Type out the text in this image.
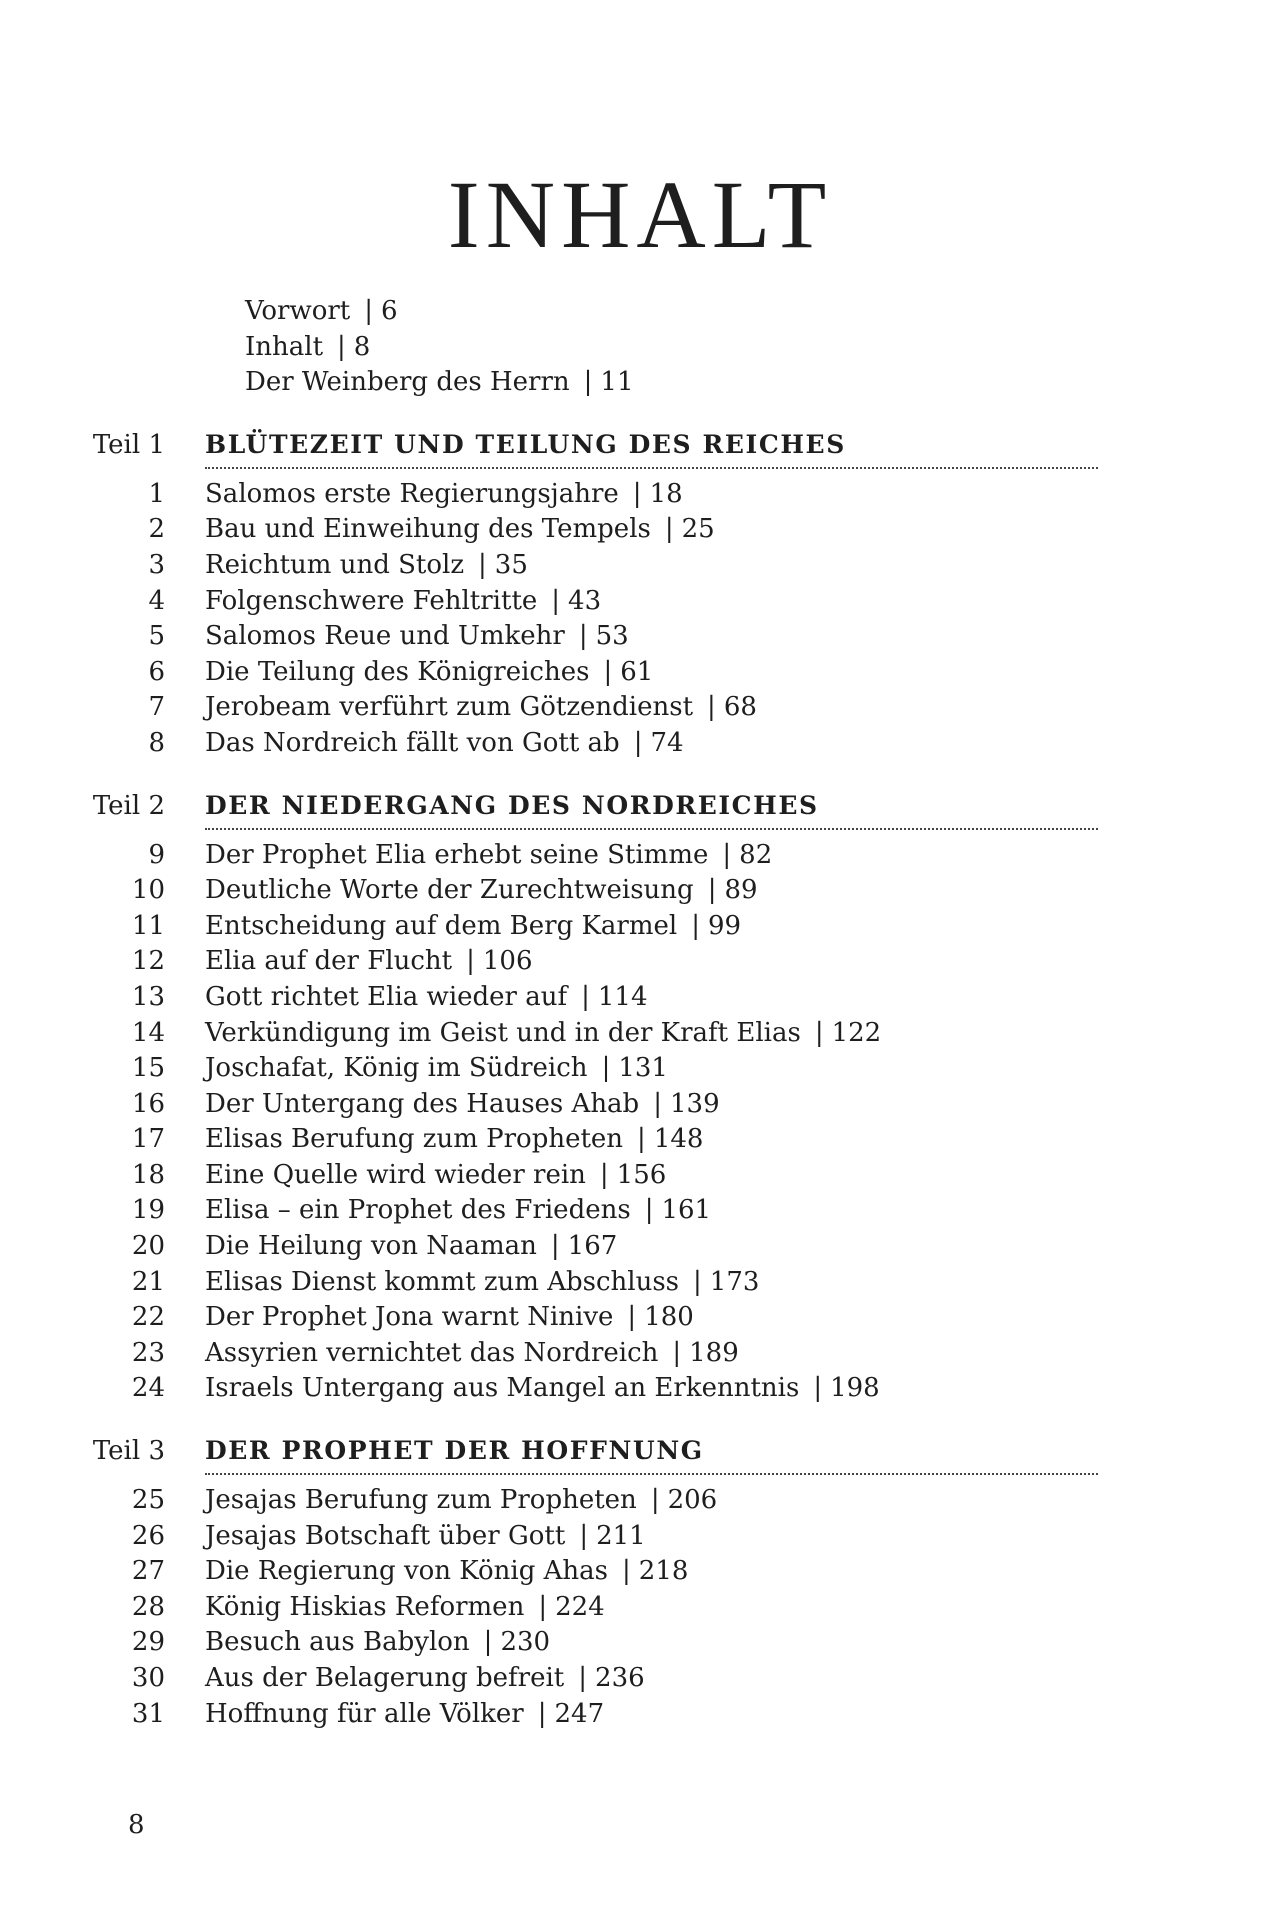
INHALT
Vorwort | 6
Inhalt | 8
Der Weinberg des Herrn | 11
Teil 1	BLÜTEZEIT UND TEILUNG DES REICHES
1	Salomos erste Regierungsjahre | 18
2	Bau und Einweihung des Tempels | 25
3	Reichtum und Stolz | 35
4	Folgenschwere Fehltritte | 43
5	Salomos Reue und Umkehr | 53
6	Die Teilung des Königreiches | 61
7	Jerobeam verführt zum Götzendienst | 68
8	Das Nordreich fällt von Gott ab | 74
Teil 2	DER NIEDERGANG DES NORDREICHES
9	Der Prophet Elia erhebt seine Stimme | 82
10	Deutliche Worte der Zurechtweisung | 89
11	Entscheidung auf dem Berg Karmel | 99
12	Elia auf der Flucht | 106
13	Gott richtet Elia wieder auf | 114
14	Verkündigung im Geist und in der Kraft Elias | 122
15	Joschafat, König im Südreich | 131
16	Der Untergang des Hauses Ahab | 139
17	Elisas Berufung zum Propheten | 148
18	Eine Quelle wird wieder rein | 156
19	Elisa – ein Prophet des Friedens | 161
20	Die Heilung von Naaman | 167
21	Elisas Dienst kommt zum Abschluss | 173
22	Der Prophet Jona warnt Ninive | 180
23	Assyrien vernichtet das Nordreich | 189
24	Israels Untergang aus Mangel an Erkenntnis | 198
Teil 3	DER PROPHET DER HOFFNUNG
25	Jesajas Berufung zum Propheten | 206
26	Jesajas Botschaft über Gott | 211
27	Die Regierung von König Ahas | 218
28	König Hiskias Reformen | 224
29	Besuch aus Babylon | 230
30	Aus der Belagerung befreit | 236
31	Hoffnung für alle Völker | 247
8
